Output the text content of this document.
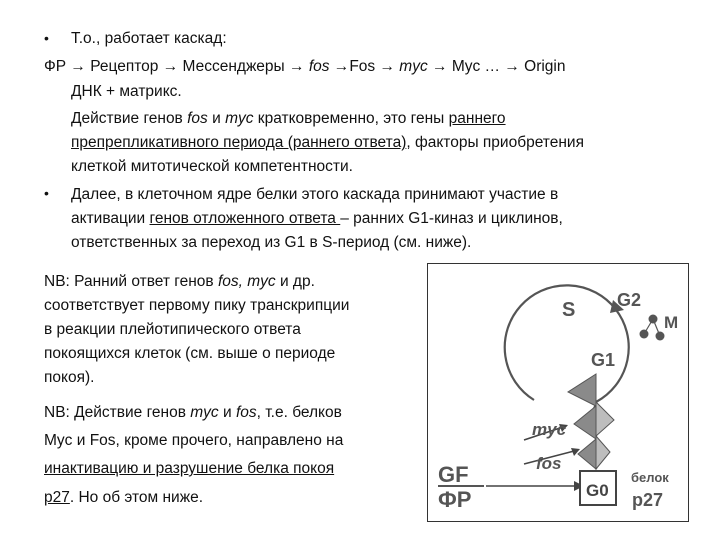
• Т.о., работает каскад:
ФР → Рецептор → Мессенджеры → fos →Fos → myc → Myc … → Origin
ДНК + матрикс.
Действие генов fos и myc кратковременно, это гены раннего
препрепликативного периода (раннего ответа), факторы приобретения
клеткой митотической компетентности.
• Далее, в клеточном ядре белки этого каскада принимают участие в
активации генов отложенного ответа – ранних G1-киназ и циклинов,
ответственных за переход из G1 в S-период (см. ниже).
NB: Ранний ответ генов fos, myc и др.
соответствует первому пику транскрипции
в реакции плейотипического ответа
покоящихся клеток (см. выше о периоде
покоя).
NB: Действие генов myc и fos, т.е. белков
Myc и Fos, кроме прочего, направлено на
инактивацию и разрушение белка покоя
р27. Но об этом ниже.
S G2
M
G1
myc
fos
GF
ФР	G0
белок
p27
